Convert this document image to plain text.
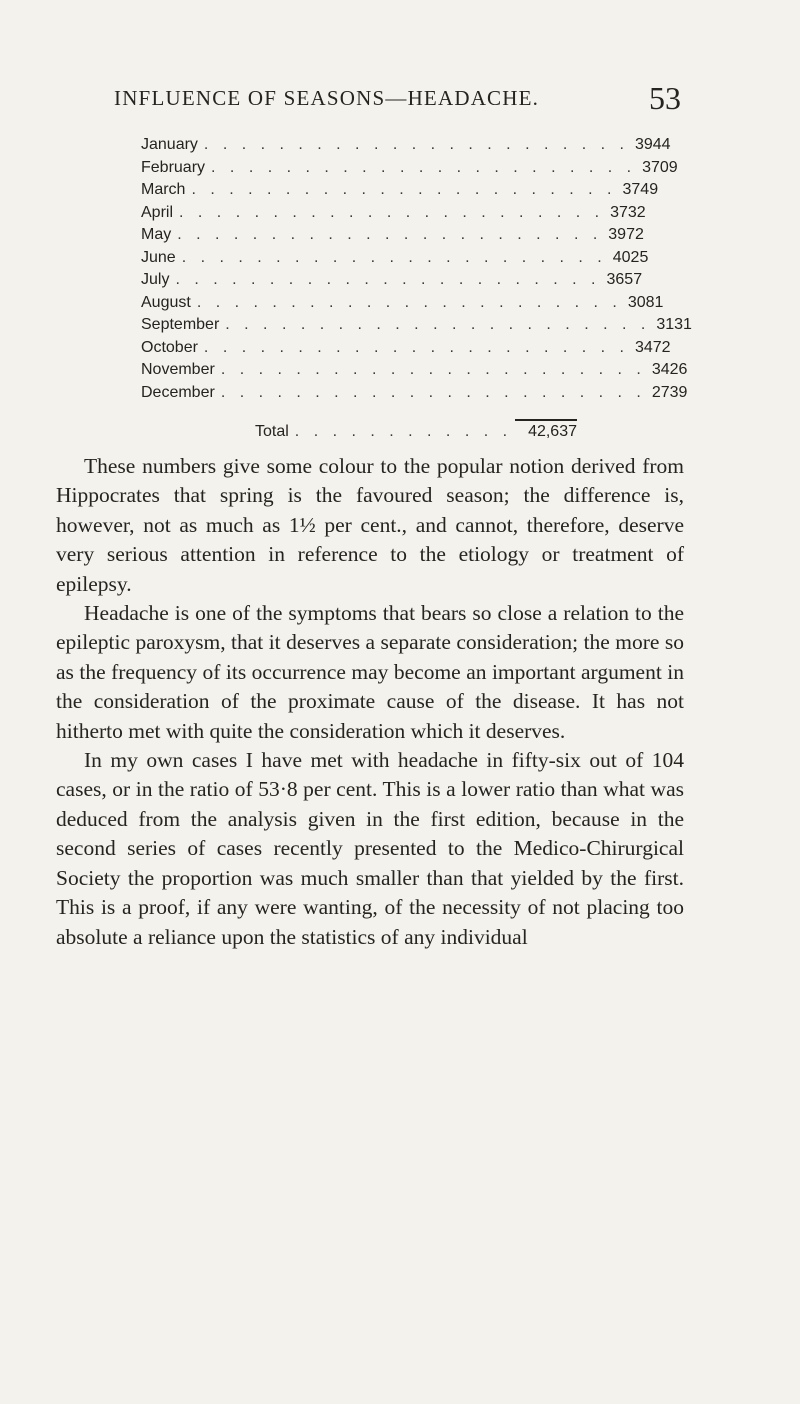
INFLUENCE OF SEASONS—HEADACHE.	53
January . . . . . . . . . . . . . . . . . . . . . . . 3944
February . . . . . . . . . . . . . . . . . . . . . . . 3709
March . . . . . . . . . . . . . . . . . . . . . . . 3749
April . . . . . . . . . . . . . . . . . . . . . . . 3732
May . . . . . . . . . . . . . . . . . . . . . . . 3972
June . . . . . . . . . . . . . . . . . . . . . . . 4025
July . . . . . . . . . . . . . . . . . . . . . . . 3657
August . . . . . . . . . . . . . . . . . . . . . . . 3081
September . . . . . . . . . . . . . . . . . . . . . . . 3131
October . . . . . . . . . . . . . . . . . . . . . . . 3472
November . . . . . . . . . . . . . . . . . . . . . . . 3426
December . . . . . . . . . . . . . . . . . . . . . . . 2739
Total . . . . . . . . . . . .	42,637

These numbers give some colour to the popular notion derived from Hippocrates that spring is the favoured season; the difference is, however, not as much as 1½ per cent., and cannot, therefore, deserve very serious attention in reference to the etiology or treatment of epilepsy.

Headache is one of the symptoms that bears so close a relation to the epileptic paroxysm, that it deserves a separate consideration; the more so as the frequency of its occurrence may become an important argument in the consideration of the proximate cause of the disease. It has not hitherto met with quite the consideration which it deserves.

In my own cases I have met with headache in fifty-six out of 104 cases, or in the ratio of 53·8 per cent. This is a lower ratio than what was deduced from the analysis given in the first edition, because in the second series of cases recently presented to the Medico-Chirurgical Society the proportion was much smaller than that yielded by the first. This is a proof, if any were wanting, of the necessity of not placing too absolute a reliance upon the statistics of any individual
